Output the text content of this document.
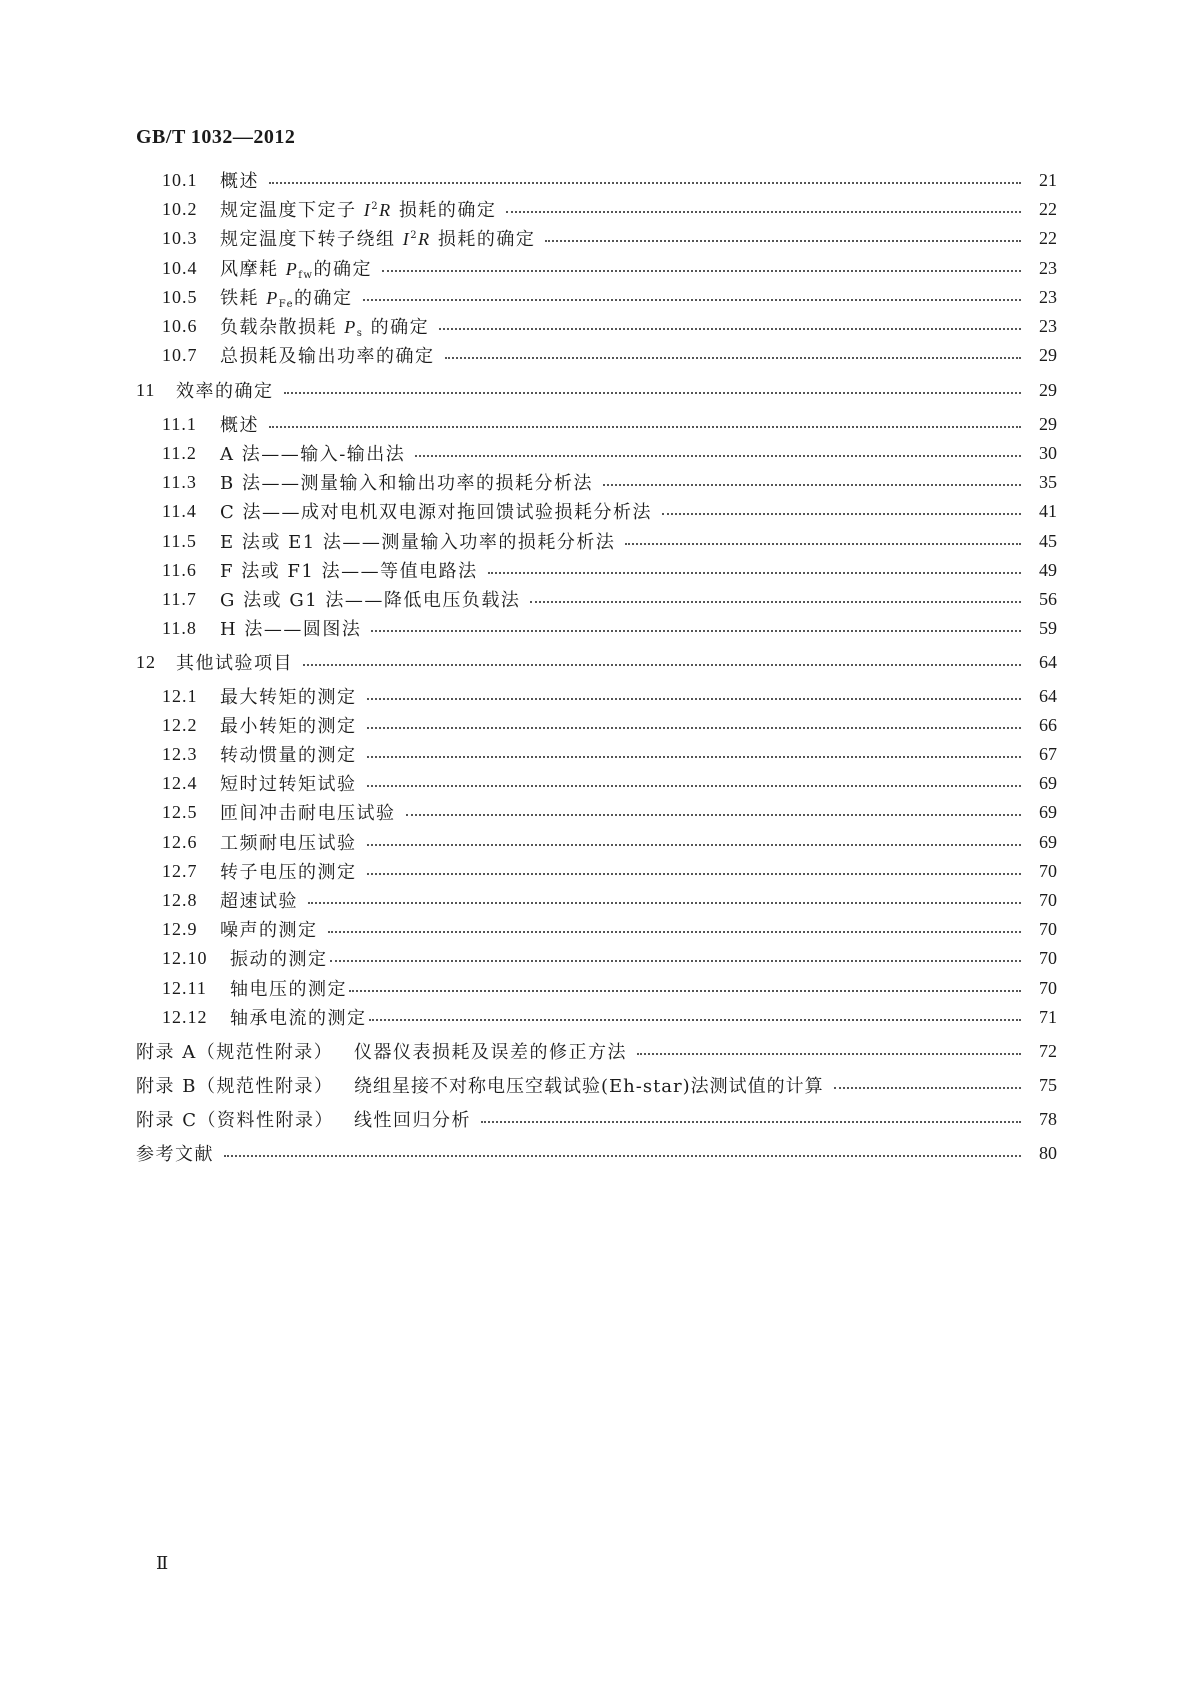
GB/T 1032—2012
10.1	概述	21
10.2	规定温度下定子 $I^2R$ 损耗的确定	22
10.3	规定温度下转子绕组 $I^2R$ 损耗的确定	22
10.4	风摩耗 $P_{fw}$的确定	23
10.5	铁耗 $P_{Fe}$的确定	23
10.6	负载杂散损耗 $P_s$ 的确定	23
10.7	总损耗及输出功率的确定	29
11	效率的确定	29
11.1	概述	29
11.2	A 法——输入-输出法	30
11.3	B 法——测量输入和输出功率的损耗分析法	35
11.4	C 法——成对电机双电源对拖回馈试验损耗分析法	41
11.5	E 法或 E1 法——测量输入功率的损耗分析法	45
11.6	F 法或 F1 法——等值电路法	49
11.7	G 法或 G1 法——降低电压负载法	56
11.8	H 法——圆图法	59
12	其他试验项目	64
12.1	最大转矩的测定	64
12.2	最小转矩的测定	66
12.3	转动惯量的测定	67
12.4	短时过转矩试验	69
12.5	匝间冲击耐电压试验	69
12.6	工频耐电压试验	69
12.7	转子电压的测定	70
12.8	超速试验	70
12.9	噪声的测定	70
12.10	振动的测定	70
12.11	轴电压的测定	70
12.12	轴承电流的测定	71
附录 A（规范性附录）	仪器仪表损耗及误差的修正方法	72
附录 B（规范性附录）	绕组星接不对称电压空载试验(Eh-star)法测试值的计算	75
附录 C（资料性附录）	线性回归分析	78
参考文献	80
Ⅱ
